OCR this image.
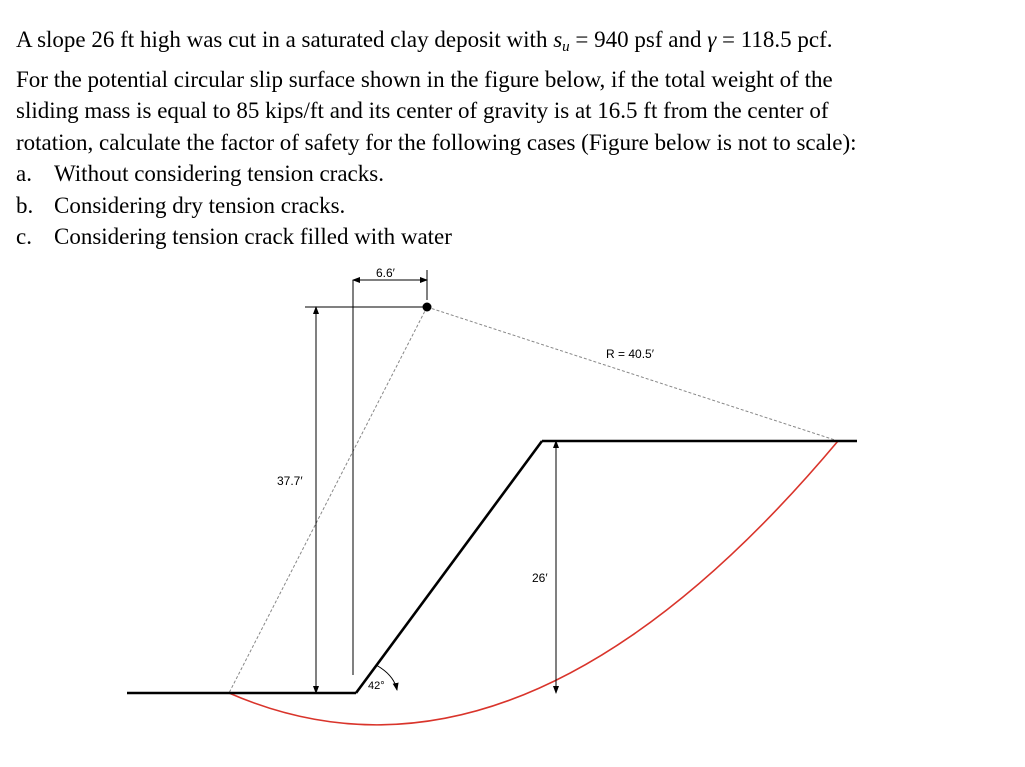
A slope 26 ft high was cut in a saturated clay deposit with $s_u = 940$ psf and γ = 118.5 pcf.
For the potential circular slip surface shown in the figure below, if the total weight of the
sliding mass is equal to 85 kips/ft and its center of gravity is at 16.5 ft from the center of
rotation, calculate the factor of safety for the following cases (Figure below is not to scale):

a. Without considering tension cracks.
b. Considering dry tension cracks.
c. Considering tension crack filled with water
6.6′
37.7′
26′
R = 40.5′
42°
